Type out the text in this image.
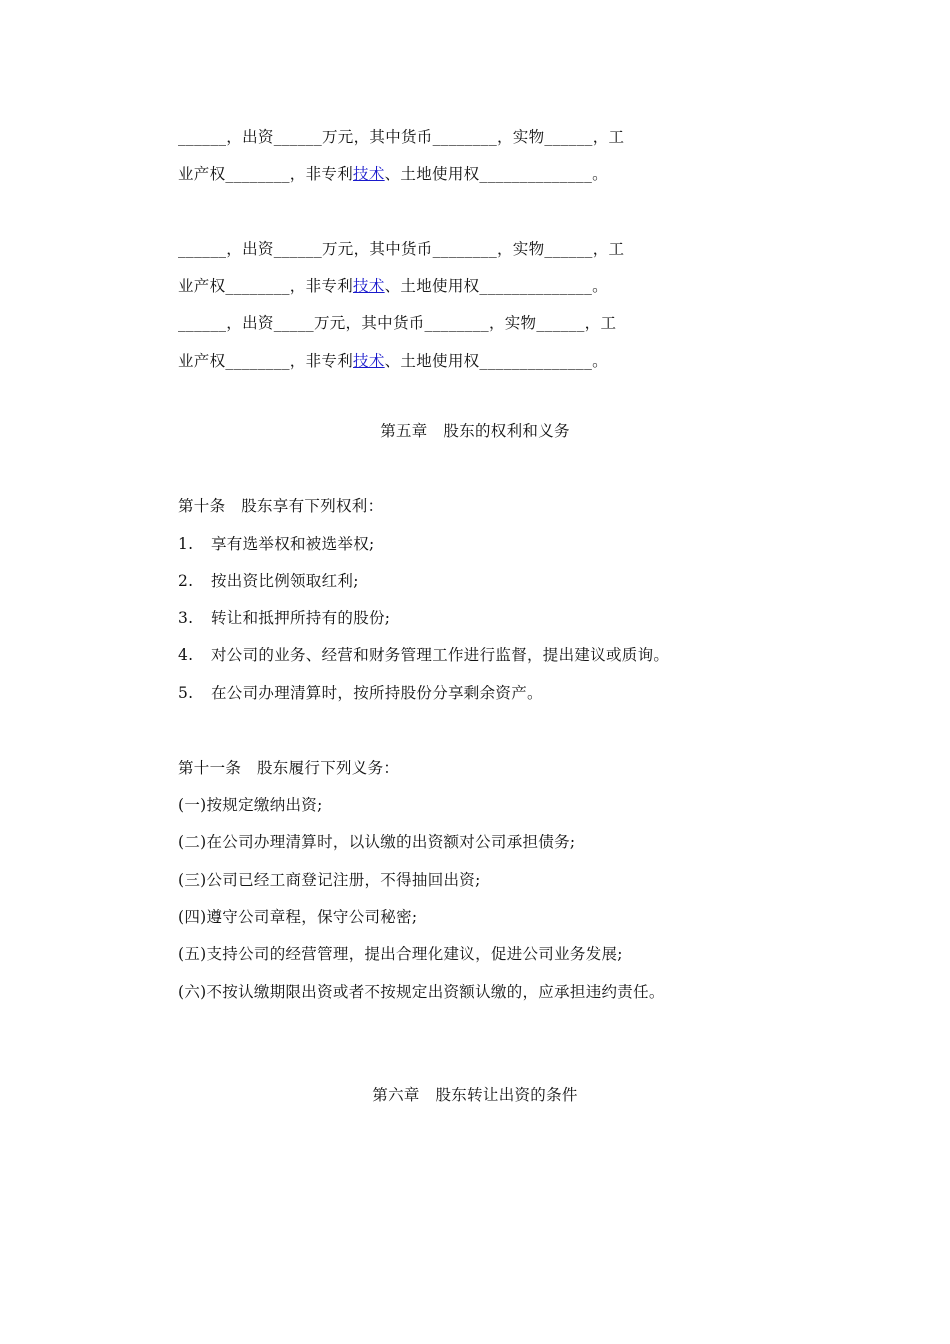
______，出资______万元，其中货币________，实物______，工
业产权________，非专利技术、土地使用权______________。
______，出资______万元，其中货币________，实物______，工
业产权________，非专利技术、土地使用权______________。
______，出资_____万元，其中货币________，实物______，工
业产权________，非专利技术、土地使用权______________。
第五章　股东的权利和义务
第十条　股东享有下列权利：
1. 享有选举权和被选举权;
2. 按出资比例领取红利;
3. 转让和抵押所持有的股份;
4. 对公司的业务、经营和财务管理工作进行监督，提出建议或质询。
5. 在公司办理清算时，按所持股份分享剩余资产。
第十一条　股东履行下列义务：
(一)按规定缴纳出资;
(二)在公司办理清算时，以认缴的出资额对公司承担债务;
(三)公司已经工商登记注册，不得抽回出资;
(四)遵守公司章程，保守公司秘密;
(五)支持公司的经营管理，提出合理化建议，促进公司业务发展;
(六)不按认缴期限出资或者不按规定出资额认缴的，应承担违约责任。
第六章　股东转让出资的条件
